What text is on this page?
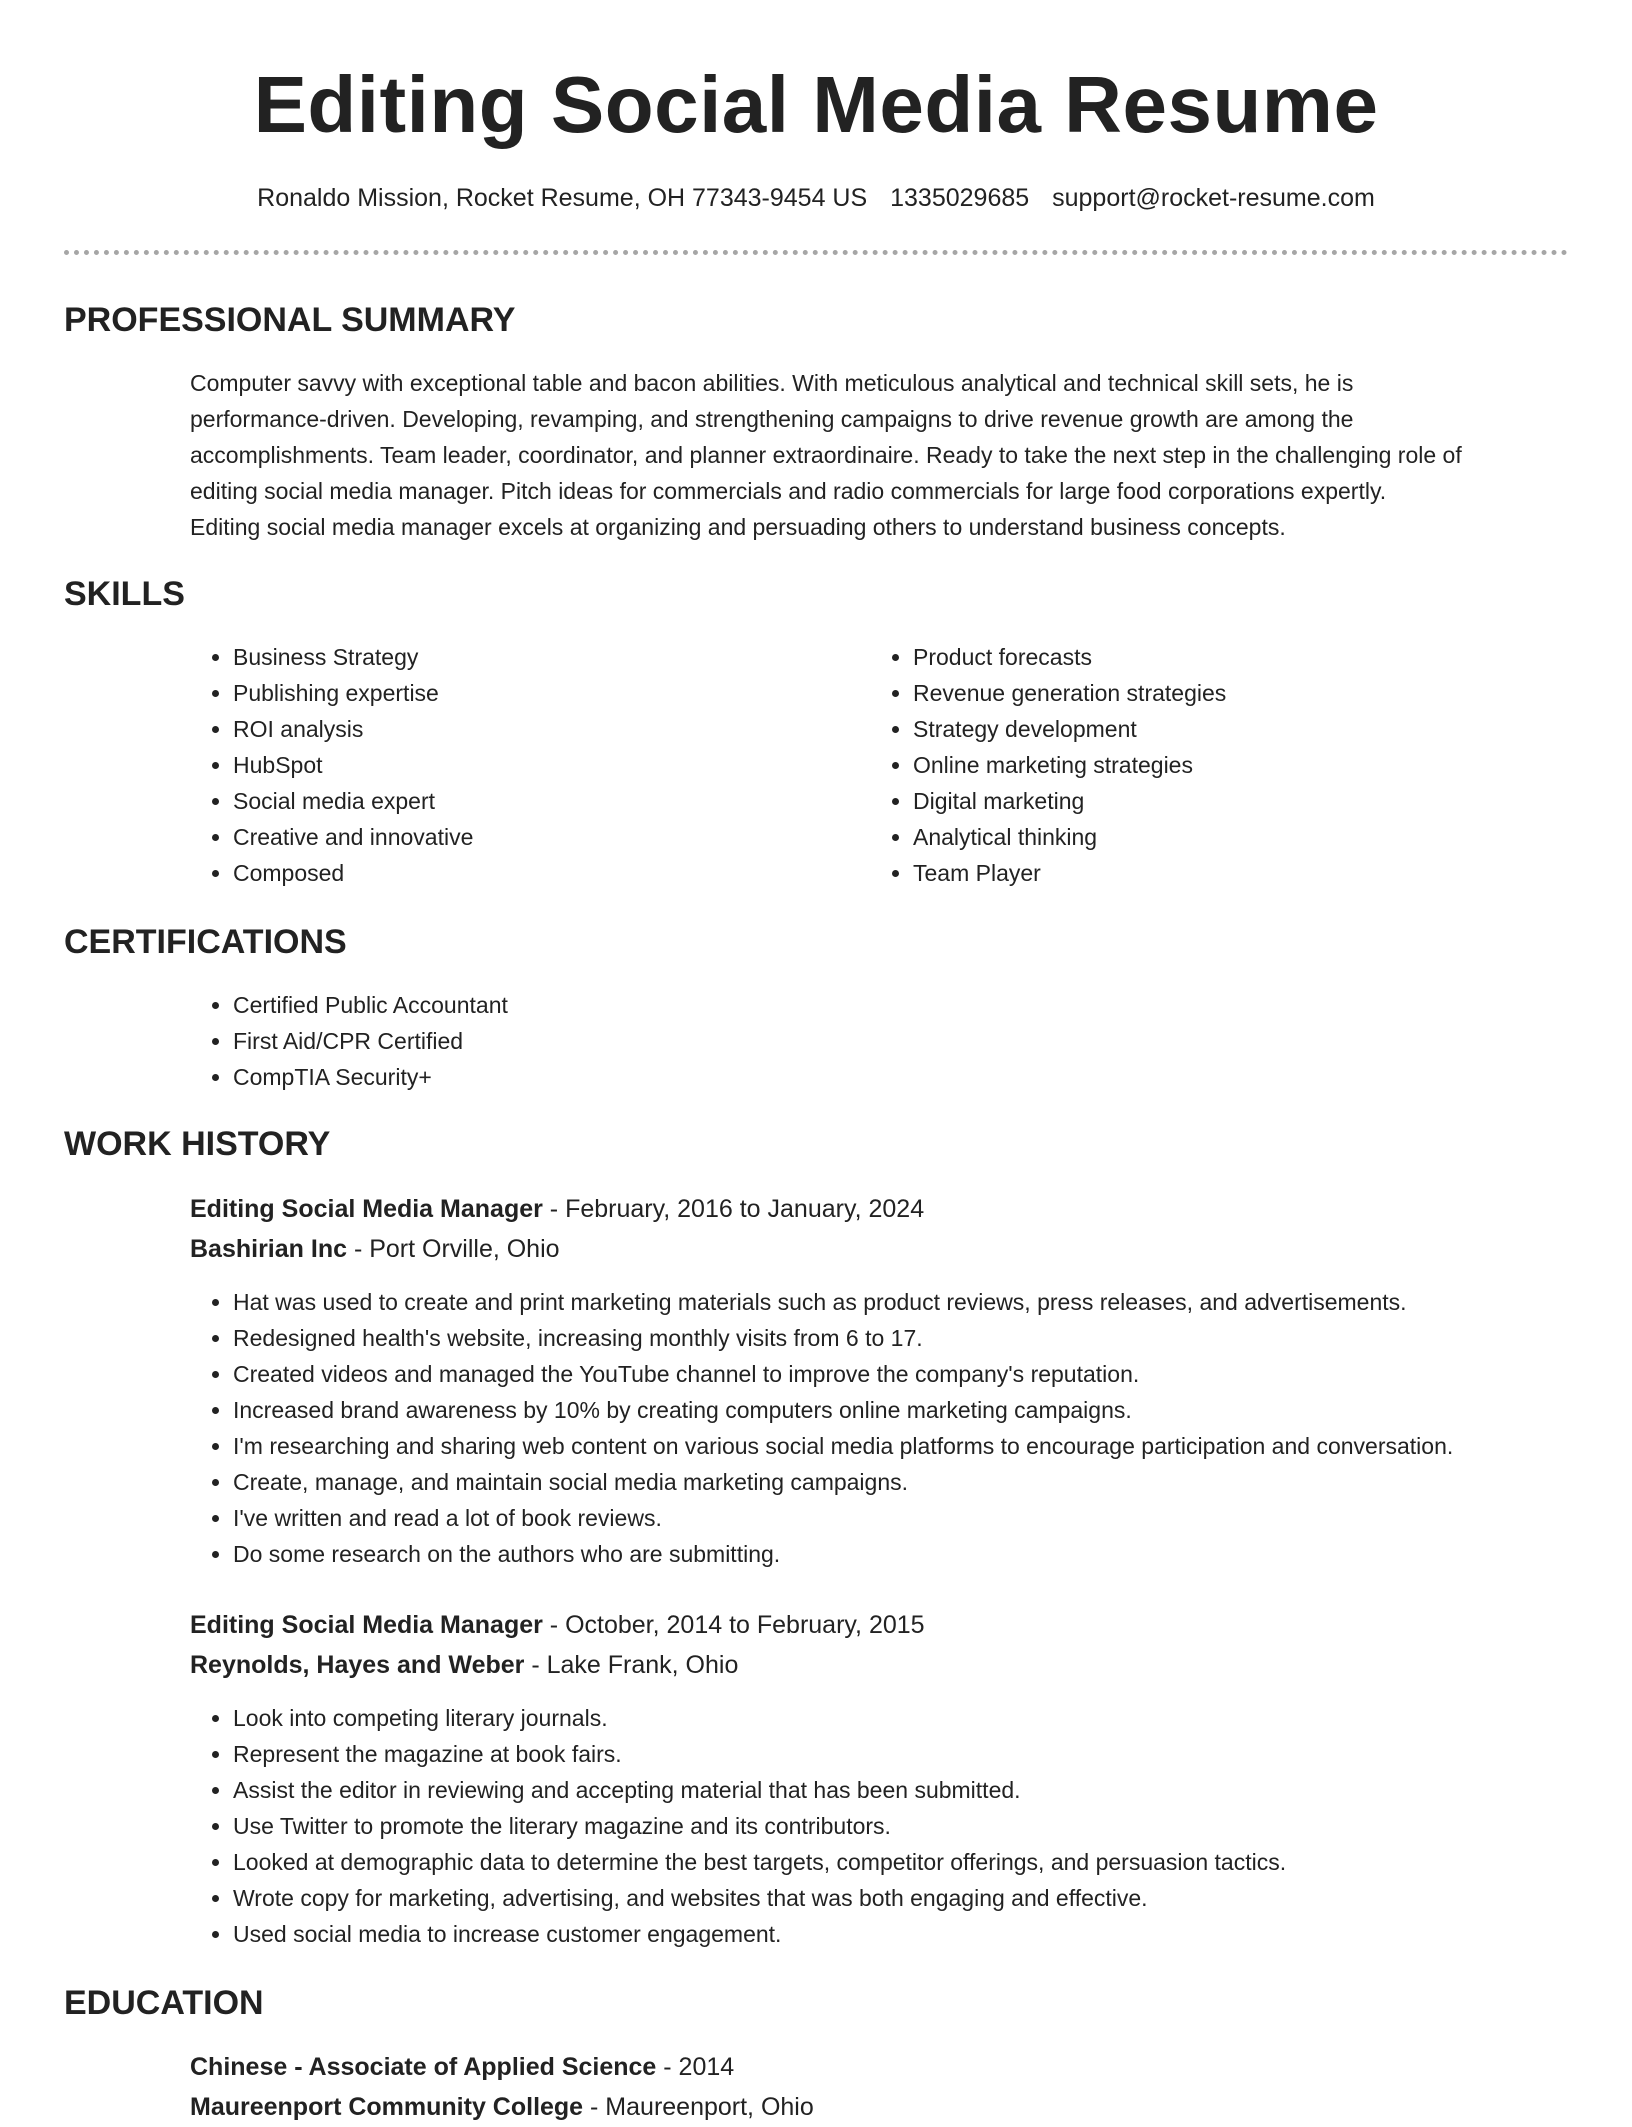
Editing Social Media Resume
Ronaldo Mission, Rocket Resume, OH 77343-9454 US 1335029685 support@rocket-resume.com
PROFESSIONAL SUMMARY
Computer savvy with exceptional table and bacon abilities. With meticulous analytical and technical skill sets, he is
performance-driven. Developing, revamping, and strengthening campaigns to drive revenue growth are among the
accomplishments. Team leader, coordinator, and planner extraordinaire. Ready to take the next step in the challenging role of
editing social media manager. Pitch ideas for commercials and radio commercials for large food corporations expertly.
Editing social media manager excels at organizing and persuading others to understand business concepts.
SKILLS
• Business Strategy
• Publishing expertise
• ROI analysis
• HubSpot
• Social media expert
• Creative and innovative
• Composed
• Product forecasts
• Revenue generation strategies
• Strategy development
• Online marketing strategies
• Digital marketing
• Analytical thinking
• Team Player
CERTIFICATIONS
• Certified Public Accountant
• First Aid/CPR Certified
• CompTIA Security+
WORK HISTORY
Editing Social Media Manager - February, 2016 to January, 2024
Bashirian Inc - Port Orville, Ohio
• Hat was used to create and print marketing materials such as product reviews, press releases, and advertisements.
• Redesigned health's website, increasing monthly visits from 6 to 17.
• Created videos and managed the YouTube channel to improve the company's reputation.
• Increased brand awareness by 10% by creating computers online marketing campaigns.
• I'm researching and sharing web content on various social media platforms to encourage participation and conversation.
• Create, manage, and maintain social media marketing campaigns.
• I've written and read a lot of book reviews.
• Do some research on the authors who are submitting.
Editing Social Media Manager - October, 2014 to February, 2015
Reynolds, Hayes and Weber - Lake Frank, Ohio
• Look into competing literary journals.
• Represent the magazine at book fairs.
• Assist the editor in reviewing and accepting material that has been submitted.
• Use Twitter to promote the literary magazine and its contributors.
• Looked at demographic data to determine the best targets, competitor offerings, and persuasion tactics.
• Wrote copy for marketing, advertising, and websites that was both engaging and effective.
• Used social media to increase customer engagement.
EDUCATION
Chinese - Associate of Applied Science - 2014
Maureenport Community College - Maureenport, Ohio
